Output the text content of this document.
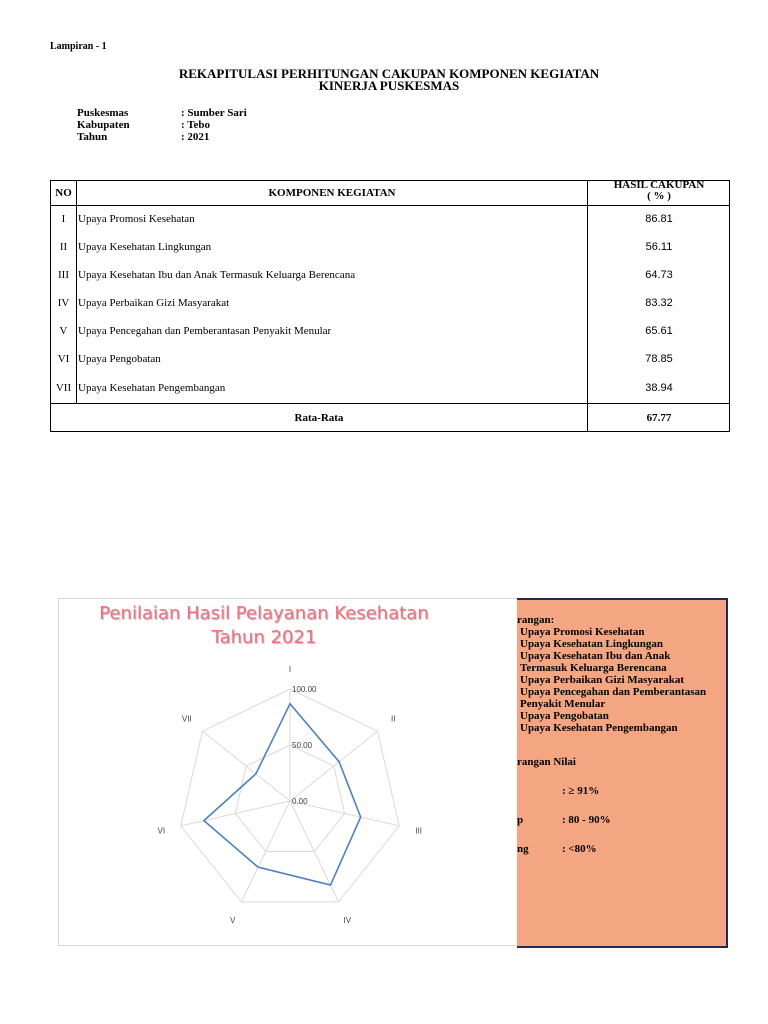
Lampiran - 1
REKAPITULASI PERHITUNGAN CAKUPAN KOMPONEN KEGIATAN
KINERJA PUSKESMAS
Puskesmas	: Sumber Sari
Kabupaten	: Tebo
Tahun	: 2021
NO	KOMPONEN KEGIATAN
HASIL CAKUPAN
( % )
I	Upaya Promosi Kesehatan	86.81
II Upaya Kesehatan Lingkungan	56.11
III Upaya Kesehatan Ibu dan Anak Termasuk Keluarga Berencana	64.73
IV Upaya Perbaikan Gizi Masyarakat	83.32
V Upaya Pencegahan dan Pemberantasan Penyakit Menular	65.61
VI Upaya Pengobatan	78.85
VII Upaya Kesehatan Pengembangan	38.94
Rata-Rata	67.77
0.00
50.00
100.00
I
II
III
IV
V
VI
VII
Penilaian Hasil Pelayanan Kesehatan
Tahun 2021
rangan:
Upaya Promosi Kesehatan
Upaya Kesehatan Lingkungan
Upaya Kesehatan Ibu dan Anak
Termasuk Keluarga Berencana
Upaya Perbaikan Gizi Masyarakat
Upaya Pencegahan dan Pemberantasan
Penyakit Menular
Upaya Pengobatan
Upaya Kesehatan Pengembangan
rangan Nilai
: ≥ 91%
p	: 80 - 90%
ng	: <80%
